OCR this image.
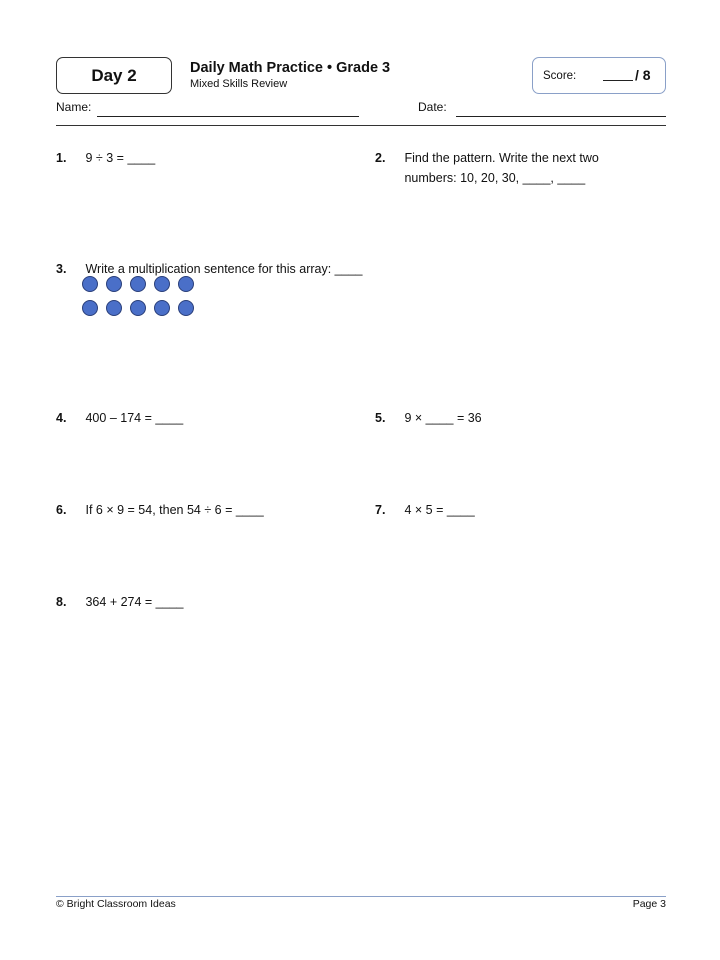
Day 2	Daily Math Practice • Grade 3
Mixed Skills Review
Score:	/ 8
Name:	Date:
1. 9 ÷ 3 = ____	2. Find the pattern. Write the next two numbers: 10, 20, 30, ____, ____
3. Write a multiplication sentence for this array: ____
4. 400 – 174 = ____	5. 9 × ____ = 36
6. If 6 × 9 = 54, then 54 ÷ 6 = ____	7. 4 × 5 = ____
8. 364 + 274 = ____
© Bright Classroom Ideas	Page 3
